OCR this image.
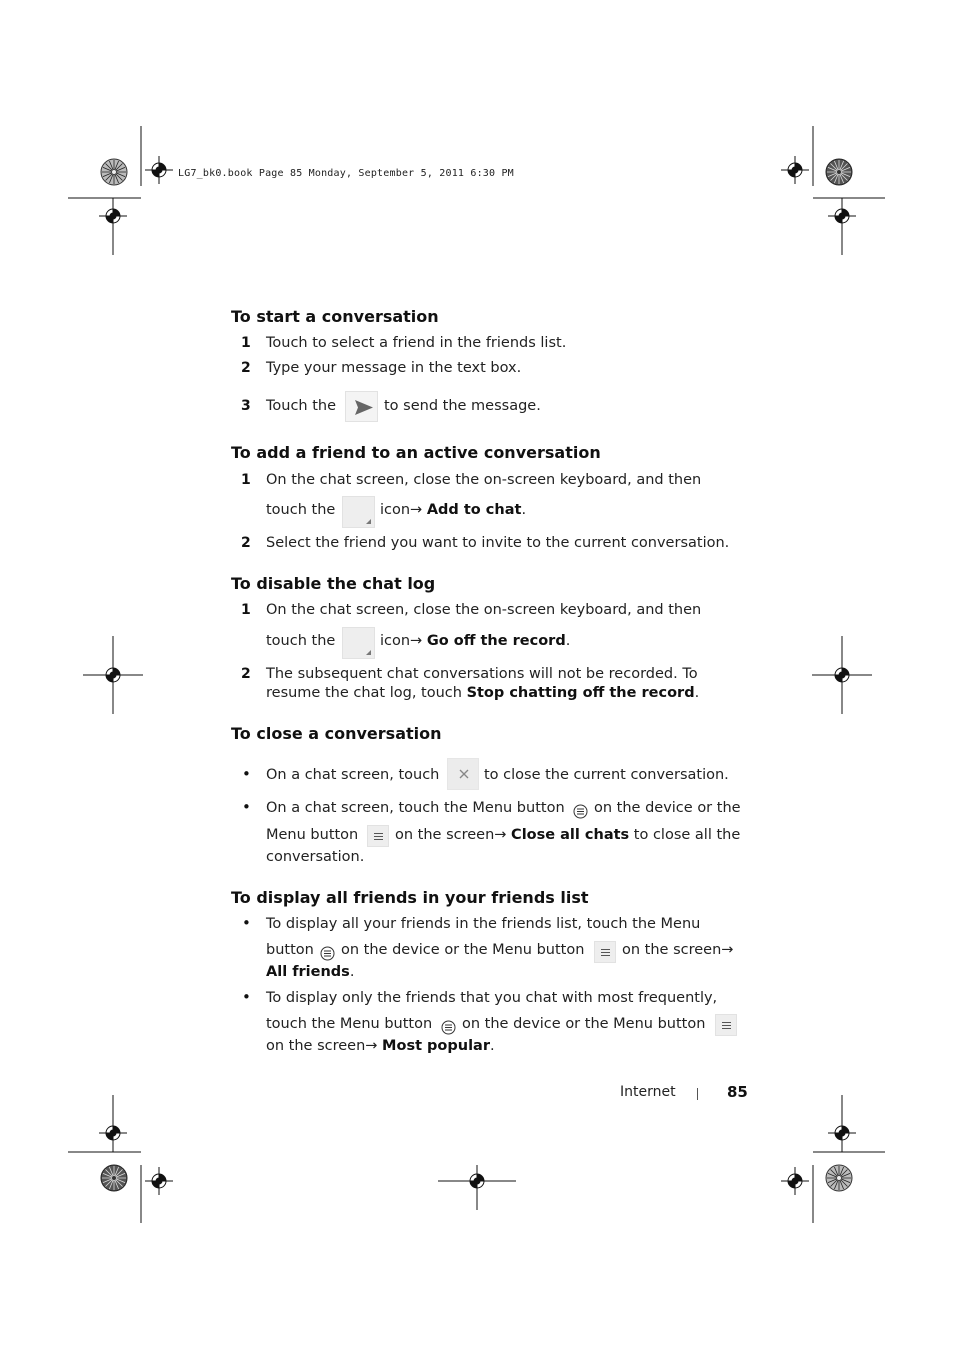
LG7_bk0.book Page 85 Monday, September 5, 2011 6:30 PM
To start a conversation
1 Touch to select a friend in the friends list.
2 Type your message in the text box.
3 Touch the	to send the message.
To add a friend to an active conversation
1 On the chat screen, close the on-screen keyboard, and then
touch the	icon→ Add to chat.
2 Select the friend you want to invite to the current conversation.
To disable the chat log
1 On the chat screen, close the on-screen keyboard, and then
touch the	icon→ Go off the record.
2 The subsequent chat conversations will not be recorded. To
resume the chat log, touch Stop chatting off the record.
To close a conversation
• On a chat screen, touch	to close the current conversation.
• On a chat screen, touch the Menu button on the device or the
Menu button	on the screen→ Close all chats to close all the
conversation.
To display all friends in your friends list
• To display all your friends in the friends list, touch the Menu
button on the device or the Menu button	on the screen→
All friends.
• To display only the friends that you chat with most frequently,
touch the Menu button on the device or the Menu button
on the screen→ Most popular.
Internet	85
